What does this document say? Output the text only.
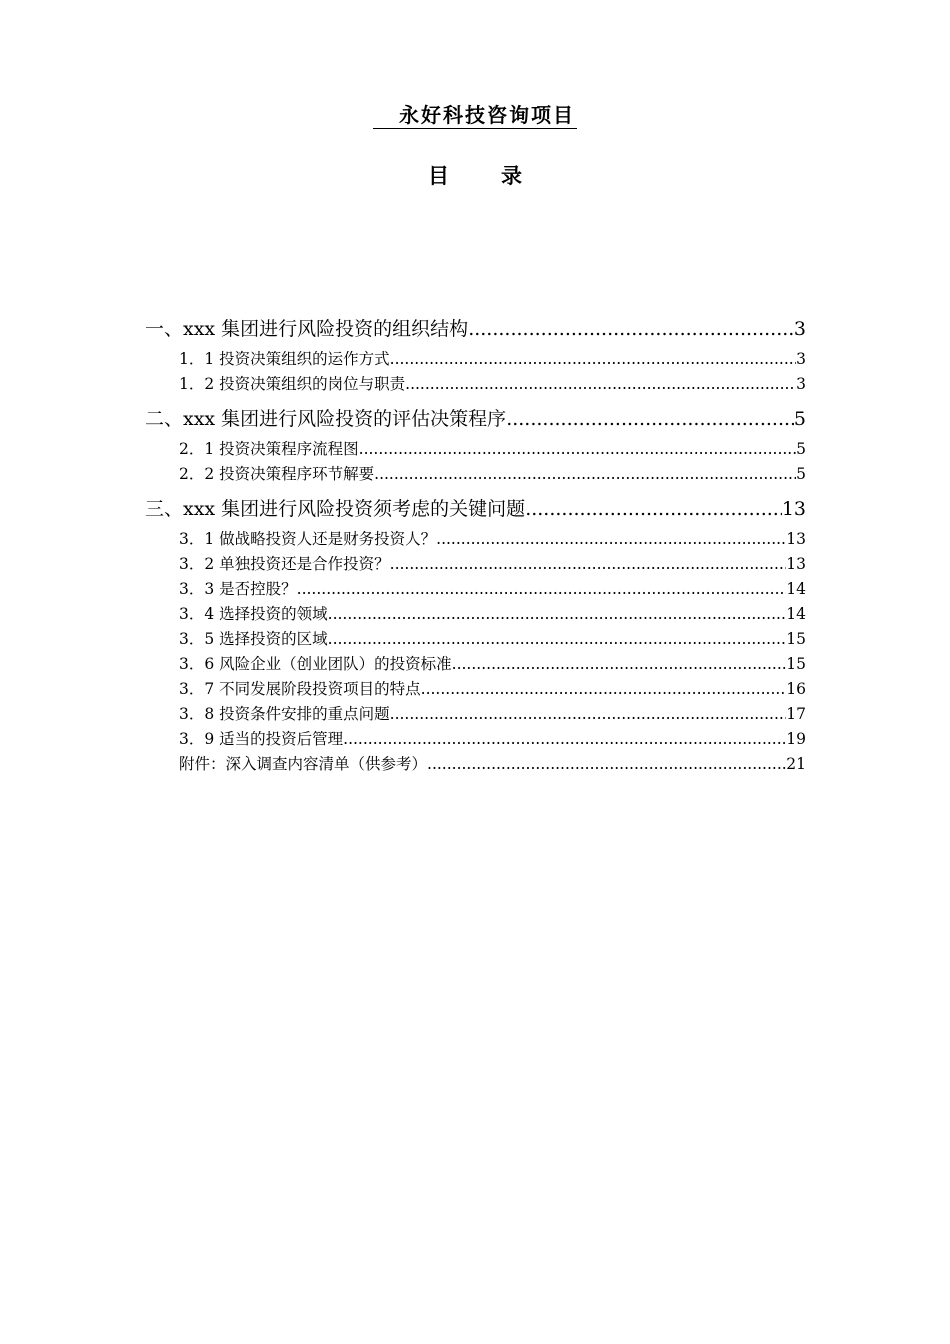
永好科技咨询项目
目录
一、xxx 集团进行风险投资的组织结构 .....	3
1．1 投资决策组织的运作方式 .....	3
1．2 投资决策组织的岗位与职责 .....	3
二、xxx 集团进行风险投资的评估决策程序 .....	5
2．1 投资决策程序流程图 .....	5
2．2 投资决策程序环节解要 .....	5
三、xxx 集团进行风险投资须考虑的关键问题 .....	13
3．1 做战略投资人还是财务投资人？ .....	13
3．2 单独投资还是合作投资？ .....	13
3．3 是否控股？ .....	14
3．4 选择投资的领域 .....	14
3．5 选择投资的区域 .....	15
3．6 风险企业（创业团队）的投资标准 .....	15
3．7 不同发展阶段投资项目的特点 .....	16
3．8 投资条件安排的重点问题 .....	17
3．9 适当的投资后管理 .....	19
附件：深入调查内容清单（供参考） .....	21
